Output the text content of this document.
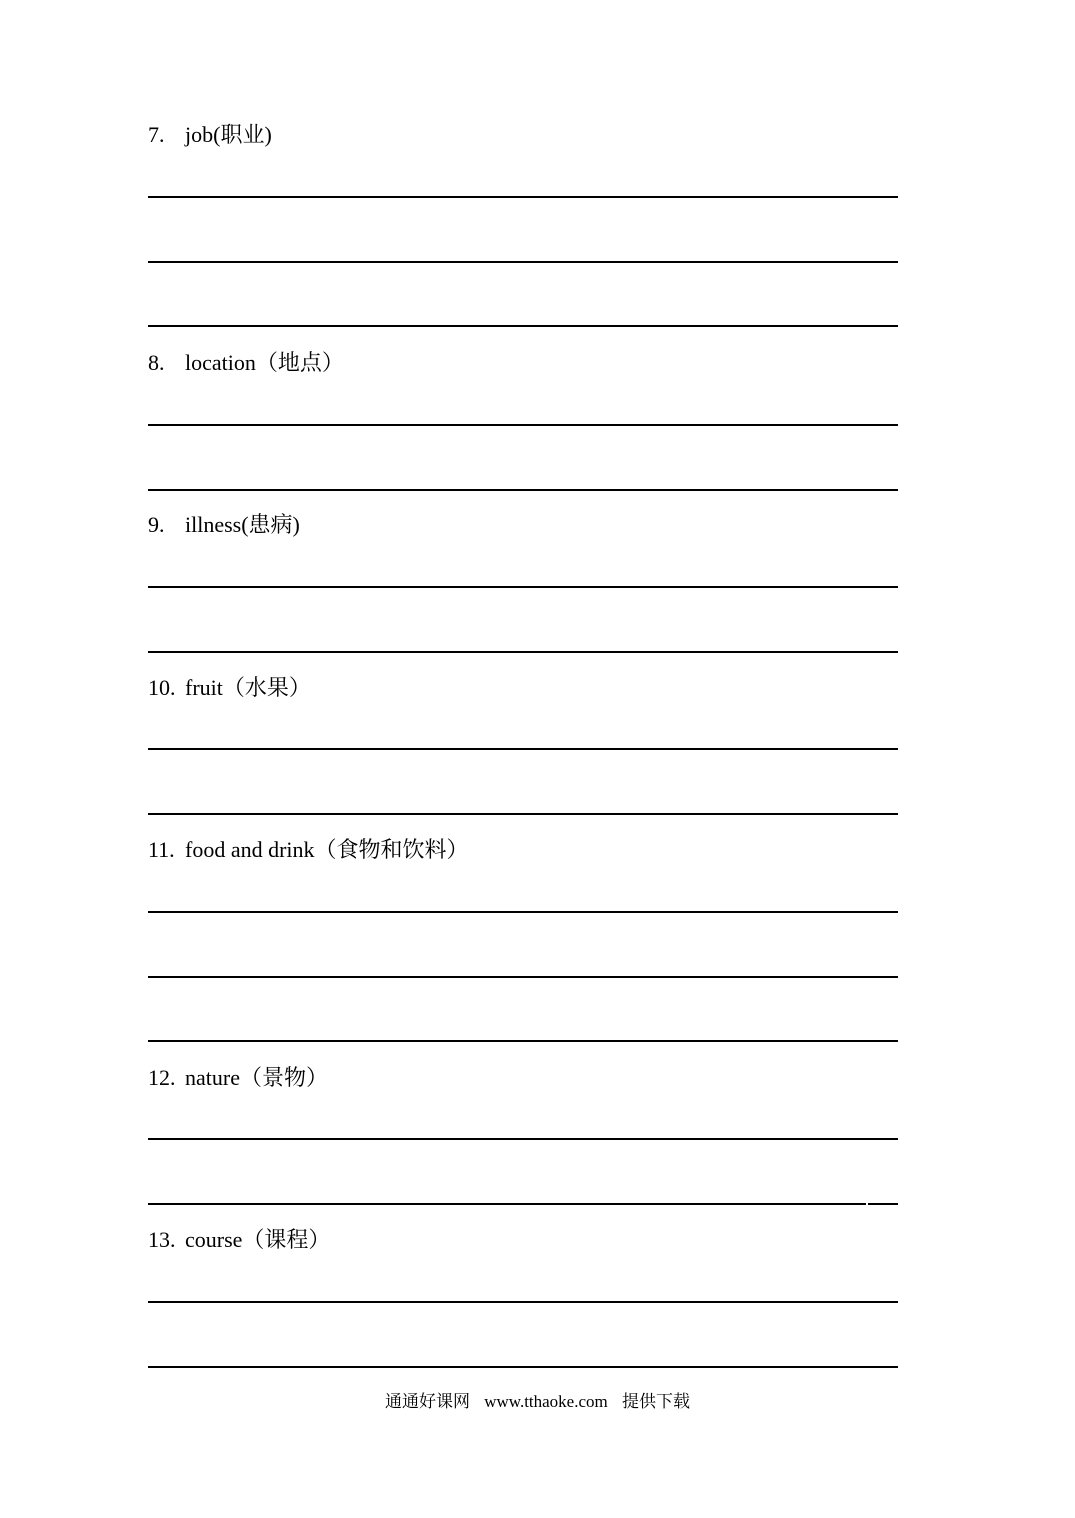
7. job(职业)
8. location（地点）
9. illness(患病)
10. fruit（水果）
11. food and drink（食物和饮料）
12. nature（景物）
13. course（课程）
通通好课网 www.tthaoke.com 提供下载
